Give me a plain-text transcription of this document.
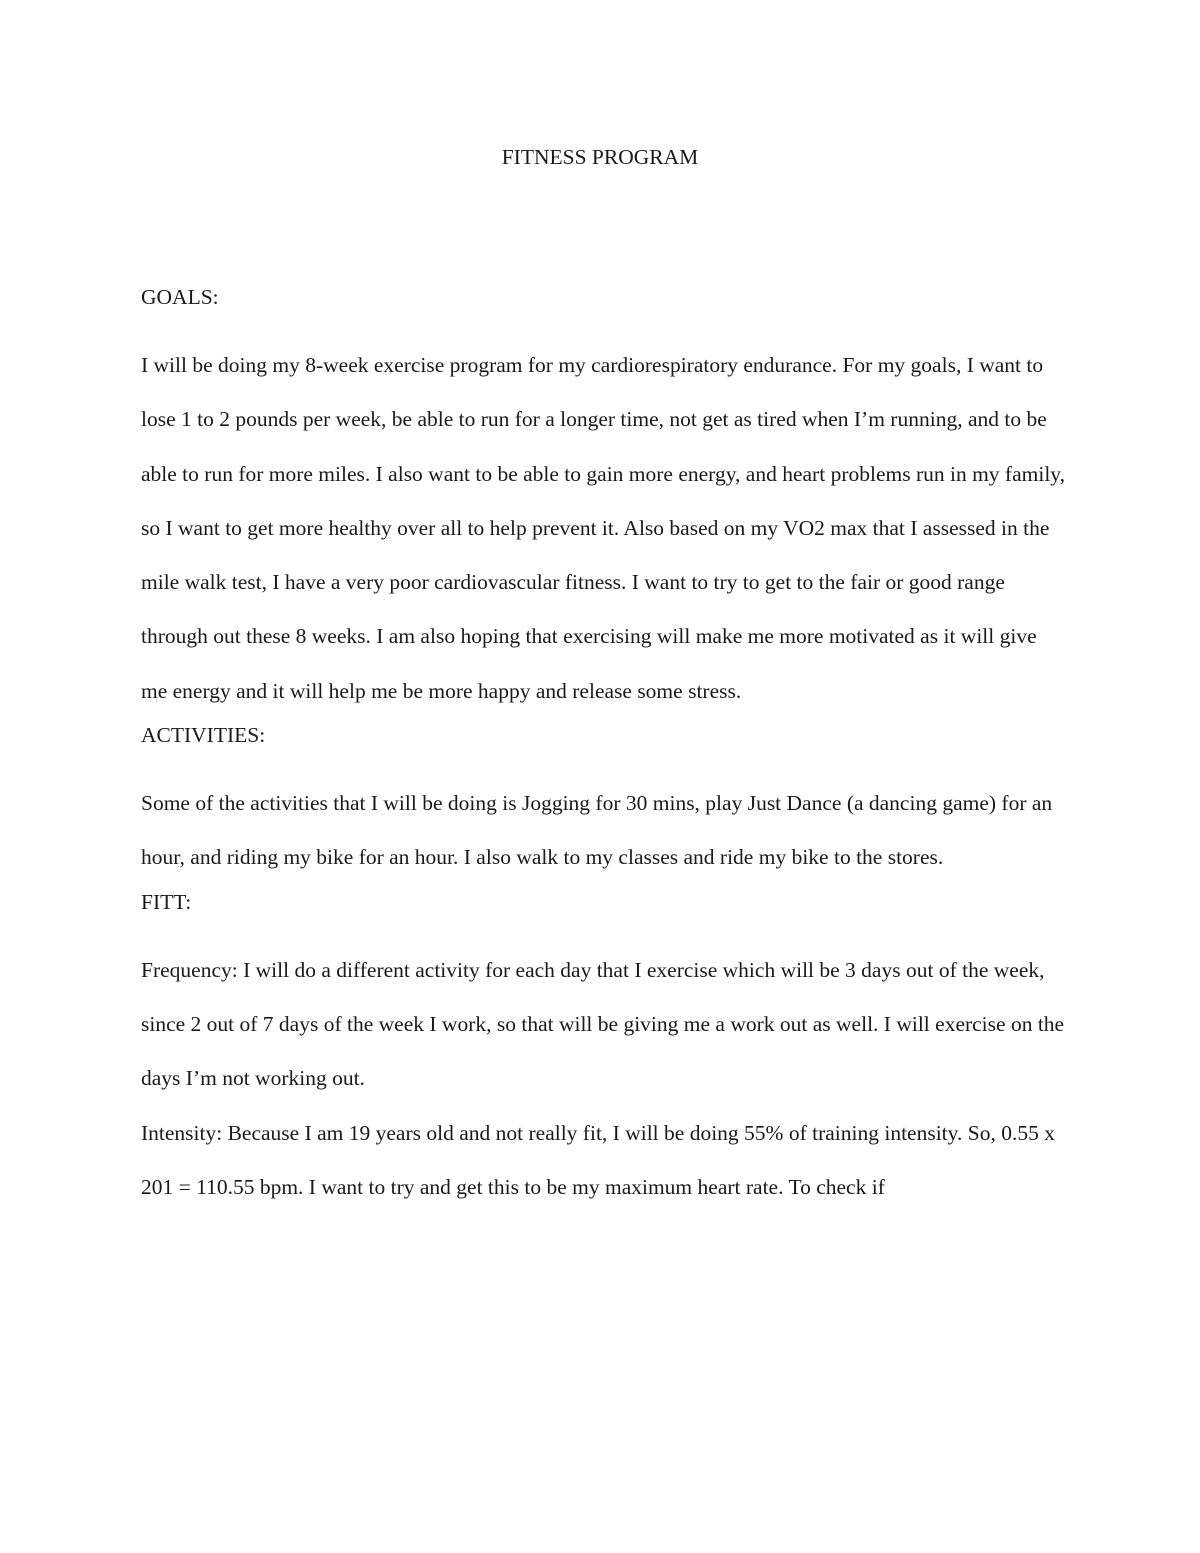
FITNESS PROGRAM
GOALS:

I will be doing my 8-week exercise program for my cardiorespiratory endurance. For my goals, I want to lose 1 to 2 pounds per week, be able to run for a longer time, not get as tired when I’m running, and to be able to run for more miles. I also want to be able to gain more energy, and heart problems run in my family, so I want to get more healthy over all to help prevent it. Also based on my VO2 max that I assessed in the mile walk test, I have a very poor cardiovascular fitness. I want to try to get to the fair or good range through out these 8 weeks. I am also hoping that exercising will make me more motivated as it will give me energy and it will help me be more happy and release some stress.

ACTIVITIES:

Some of the activities that I will be doing is Jogging for 30 mins, play Just Dance (a dancing game) for an hour, and riding my bike for an hour. I also walk to my classes and ride my bike to the stores.

FITT:

Frequency: I will do a different activity for each day that I exercise which will be 3 days out of the week, since 2 out of 7 days of the week I work, so that will be giving me a work out as well. I will exercise on the days I’m not working out.

Intensity: Because I am 19 years old and not really fit, I will be doing 55% of training intensity. So, 0.55 x 201 = 110.55 bpm. I want to try and get this to be my maximum heart rate. To check if
